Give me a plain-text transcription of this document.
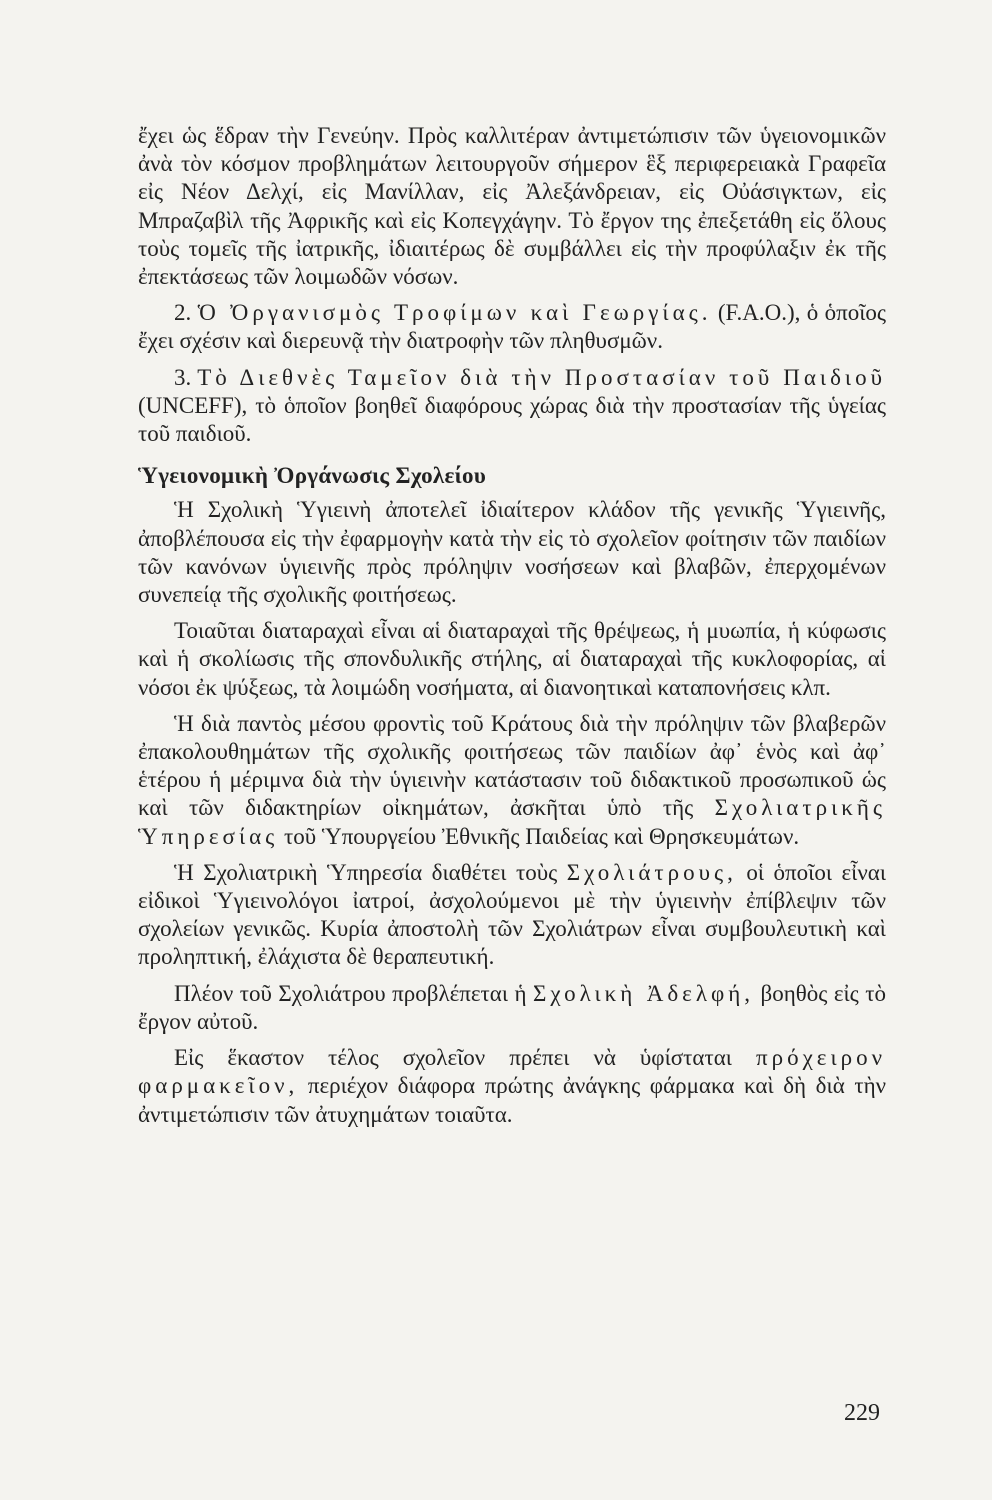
ἔχει ὡς ἕδραν τὴν Γενεύην. Πρὸς καλλιτέραν ἀντιμετώπισιν τῶν ὑγειονομικῶν ἀνὰ τὸν κόσμον προβλημάτων λειτουργοῦν σήμερον ἓξ περιφερειακὰ Γραφεῖα εἰς Νέον Δελχί, εἰς Μανίλλαν, εἰς Ἀλεξάνδρειαν, εἰς Οὐάσιγκτων, εἰς Μπραζαβὶλ τῆς Ἀφρικῆς καὶ εἰς Κοπεγχάγην. Τὸ ἔργον της ἐπεξετάθη εἰς ὅλους τοὺς τομεῖς τῆς ἰατρικῆς, ἰδιαιτέρως δὲ συμβάλλει εἰς τὴν προφύλαξιν ἐκ τῆς ἐπεκτάσεως τῶν λοιμωδῶν νόσων.

2. Ὁ Ὀργανισμὸς Τροφίμων καὶ Γεωργίας. (F.A.O.), ὁ ὁποῖος ἔχει σχέσιν καὶ διερευνᾷ τὴν διατροφὴν τῶν πληθυσμῶν.

3. Τὸ Διεθνὲς Ταμεῖον διὰ τὴν Προστασίαν τοῦ Παιδιοῦ (UNCEFF), τὸ ὁποῖον βοηθεῖ διαφόρους χώρας διὰ τὴν προστασίαν τῆς ὑγείας τοῦ παιδιοῦ.

Ὑγειονομικὴ Ὀργάνωσις Σχολείου

Ἡ Σχολικὴ Ὑγιεινὴ ἀποτελεῖ ἰδιαίτερον κλάδον τῆς γενικῆς Ὑγιεινῆς, ἀποβλέπουσα εἰς τὴν ἐφαρμογὴν κατὰ τὴν εἰς τὸ σχολεῖον φοίτησιν τῶν παιδίων τῶν κανόνων ὑγιεινῆς πρὸς πρόληψιν νοσήσεων καὶ βλαβῶν, ἐπερχομένων συνεπείᾳ τῆς σχολικῆς φοιτήσεως.

Τοιαῦται διαταραχαὶ εἶναι αἱ διαταραχαὶ τῆς θρέψεως, ἡ μυωπία, ἡ κύφωσις καὶ ἡ σκολίωσις τῆς σπονδυλικῆς στήλης, αἱ διαταραχαὶ τῆς κυκλοφορίας, αἱ νόσοι ἐκ ψύξεως, τὰ λοιμώδη νοσήματα, αἱ διανοητικαὶ καταπονήσεις κλπ.

Ἡ διὰ παντὸς μέσου φροντὶς τοῦ Κράτους διὰ τὴν πρόληψιν τῶν βλαβερῶν ἐπακολουθημάτων τῆς σχολικῆς φοιτήσεως τῶν παιδίων ἀφ᾽ ἑνὸς καὶ ἀφ᾽ ἑτέρου ἡ μέριμνα διὰ τὴν ὑγιεινὴν κατάστασιν τοῦ διδακτικοῦ προσωπικοῦ ὡς καὶ τῶν διδακτηρίων οἰκημάτων, ἀσκῆται ὑπὸ τῆς Σχολιατρικῆς Ὑπηρεσίας τοῦ Ὑπουργείου Ἐθνικῆς Παιδείας καὶ Θρησκευμάτων.

Ἡ Σχολιατρικὴ Ὑπηρεσία διαθέτει τοὺς Σχολιάτρους, οἱ ὁποῖοι εἶναι εἰδικοὶ Ὑγιεινολόγοι ἰατροί, ἀσχολούμενοι μὲ τὴν ὑγιεινὴν ἐπίβλεψιν τῶν σχολείων γενικῶς. Κυρία ἀποστολὴ τῶν Σχολιάτρων εἶναι συμβουλευτικὴ καὶ προληπτική, ἐλάχιστα δὲ θεραπευτική.

Πλέον τοῦ Σχολιάτρου προβλέπεται ἡ Σχολικὴ Ἀδελφή, βοηθὸς εἰς τὸ ἔργον αὐτοῦ.

Εἰς ἕκαστον τέλος σχολεῖον πρέπει νὰ ὑφίσταται πρόχειρον φαρμακεῖον, περιέχον διάφορα πρώτης ἀνάγκης φάρμακα καὶ δὴ διὰ τὴν ἀντιμετώπισιν τῶν ἀτυχημάτων τοιαῦτα.

229
